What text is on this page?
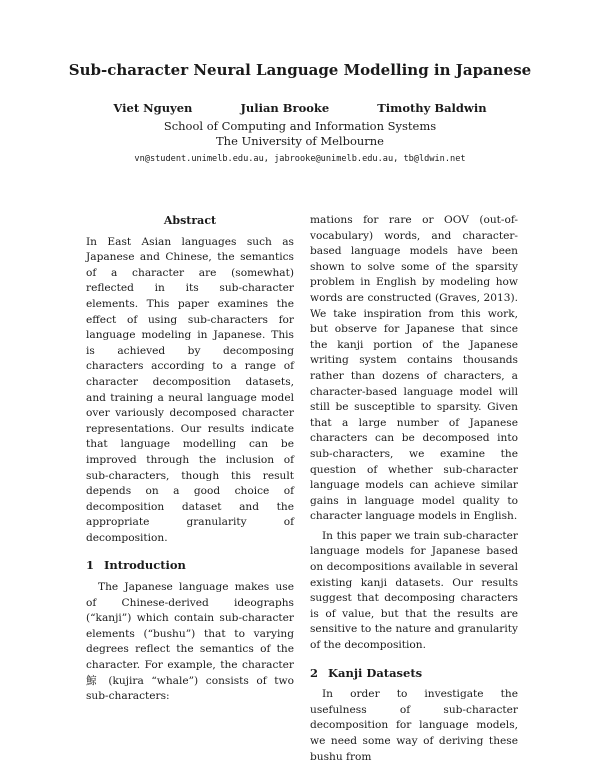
Sub-character Neural Language Modelling in Japanese
Viet Nguyen	Julian Brooke	Timothy Baldwin
School of Computing and Information Systems
The University of Melbourne
vn@student.unimelb.edu.au, jabrooke@unimelb.edu.au, tb@ldwin.net
Abstract

In East Asian languages such as Japanese and Chinese, the semantics of a character are (somewhat) reflected in its sub-character elements. This paper examines the effect of using sub-characters for language modeling in Japanese. This is achieved by decomposing characters according to a range of character decomposition datasets, and training a neural language model over variously decomposed character representations. Our results indicate that language modelling can be improved through the inclusion of sub-characters, though this result depends on a good choice of decomposition dataset and the appropriate granularity of decomposition.

1 Introduction

The Japanese language makes use of Chinese-derived ideographs (“kanji”) which contain sub-character elements (“bushu”) that to varying degrees reflect the semantics of the character. For example, the character 鯨 (kujira “whale”) consists of two sub-characters:

mations for rare or OOV (out-of-vocabulary) words, and character-based language models have been shown to solve some of the sparsity problem in English by modeling how words are constructed (Graves, 2013). We take inspiration from this work, but observe for Japanese that since the kanji portion of the Japanese writing system contains thousands rather than dozens of characters, a character-based language model will still be susceptible to sparsity. Given that a large number of Japanese characters can be decomposed into sub-characters, we examine the question of whether sub-character language models can achieve similar gains in language model quality to character language models in English.

In this paper we train sub-character language models for Japanese based on decompositions available in several existing kanji datasets. Our results suggest that decomposing characters is of value, but that the results are sensitive to the nature and granularity of the decomposition.

2 Kanji Datasets

In order to investigate the usefulness of sub-character decomposition for language models, we need some way of deriving these bushu from
